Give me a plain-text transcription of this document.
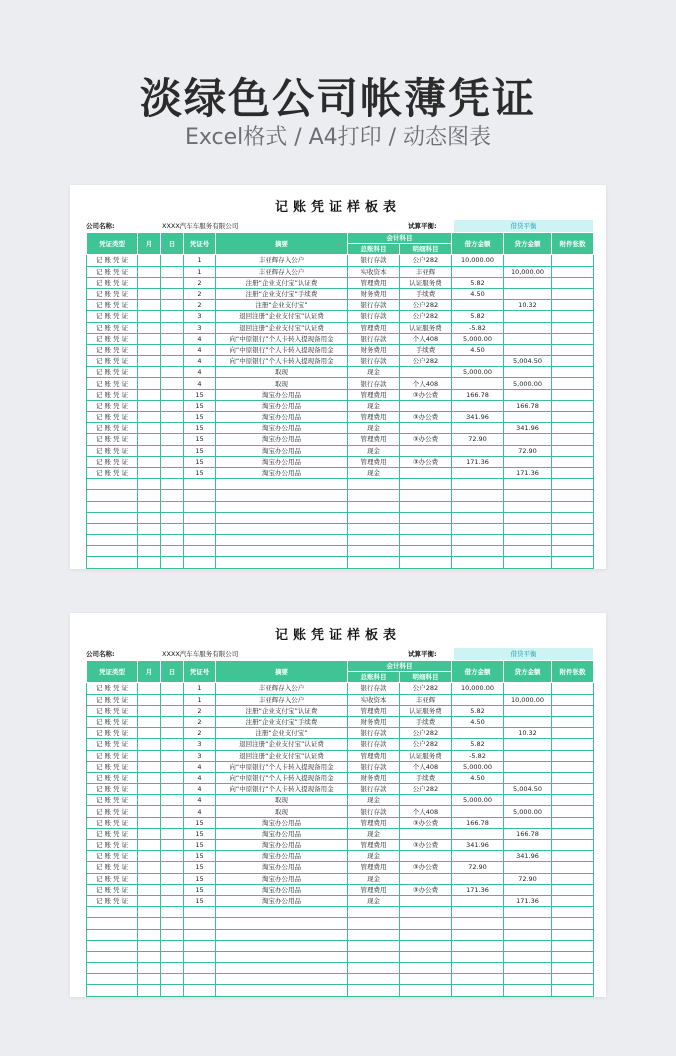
淡绿色公司帐薄凭证
Excel格式 / A4打印 / 动态图表
记账凭证样板表
公司名称:	XXXX汽车车服务有限公司	试算平衡:	借贷平衡
凭证类型	月	日	凭证号	摘要	会计科目		借方金额	贷方金额	附件张数
					总账科目	明细科目			
记 账 凭 证			1	丰亚辉存入公户	银行存款	公户282	10,000.00		
记 账 凭 证			1	丰亚辉存入公户	实收资本	丰亚辉		10,000.00	
记 账 凭 证			2	注册“企业支付宝”认证费	管理费用	认证服务费	5.82		
记 账 凭 证			2	注册“企业支付宝”手续费	财务费用	手续费	4.50		
记 账 凭 证			2	注册“企业支付宝”	银行存款	公户282		10.32	
记 账 凭 证			3	退回注册“企业支付宝”认证费	银行存款	公户282	5.82		
记 账 凭 证			3	退回注册“企业支付宝”认证费	管理费用	认证服务费	-5.82		
记 账 凭 证			4	向“中原银行”个人卡转入提现备用金	银行存款	个人408	5,000.00		
记 账 凭 证			4	向“中原银行”个人卡转入提现备用金	财务费用	手续费	4.50		
记 账 凭 证			4	向“中原银行”个人卡转入提现备用金	银行存款	公户282		5,004.50	
记 账 凭 证			4	取现	现金		5,000.00		
记 账 凭 证			4	取现	银行存款	个人408		5,000.00	
记 账 凭 证			15	淘宝办公用品	管理费用	③办公费	166.78		
记 账 凭 证			15	淘宝办公用品	现金			166.78	
记 账 凭 证			15	淘宝办公用品	管理费用	③办公费	341.96		
记 账 凭 证			15	淘宝办公用品	现金			341.96	
记 账 凭 证			15	淘宝办公用品	管理费用	③办公费	72.90		
记 账 凭 证			15	淘宝办公用品	现金			72.90	
记 账 凭 证			15	淘宝办公用品	管理费用	③办公费	171.36		
记 账 凭 证			15	淘宝办公用品	现金			171.36	

记账凭证样板表
公司名称:	XXXX汽车车服务有限公司	试算平衡:	借贷平衡
凭证类型	月	日	凭证号	摘要	会计科目		借方金额	贷方金额	附件张数
					总账科目	明细科目			
记 账 凭 证			1	丰亚辉存入公户	银行存款	公户282	10,000.00		
记 账 凭 证			1	丰亚辉存入公户	实收资本	丰亚辉		10,000.00	
记 账 凭 证			2	注册“企业支付宝”认证费	管理费用	认证服务费	5.82		
记 账 凭 证			2	注册“企业支付宝”手续费	财务费用	手续费	4.50		
记 账 凭 证			2	注册“企业支付宝”	银行存款	公户282		10.32	
记 账 凭 证			3	退回注册“企业支付宝”认证费	银行存款	公户282	5.82		
记 账 凭 证			3	退回注册“企业支付宝”认证费	管理费用	认证服务费	-5.82		
记 账 凭 证			4	向“中原银行”个人卡转入提现备用金	银行存款	个人408	5,000.00		
记 账 凭 证			4	向“中原银行”个人卡转入提现备用金	财务费用	手续费	4.50		
记 账 凭 证			4	向“中原银行”个人卡转入提现备用金	银行存款	公户282		5,004.50	
记 账 凭 证			4	取现	现金		5,000.00		
记 账 凭 证			4	取现	银行存款	个人408		5,000.00	
记 账 凭 证			15	淘宝办公用品	管理费用	③办公费	166.78		
记 账 凭 证			15	淘宝办公用品	现金			166.78	
记 账 凭 证			15	淘宝办公用品	管理费用	③办公费	341.96		
记 账 凭 证			15	淘宝办公用品	现金			341.96	
记 账 凭 证			15	淘宝办公用品	管理费用	③办公费	72.90		
记 账 凭 证			15	淘宝办公用品	现金			72.90	
记 账 凭 证			15	淘宝办公用品	管理费用	③办公费	171.36		
记 账 凭 证			15	淘宝办公用品	现金			171.36	
